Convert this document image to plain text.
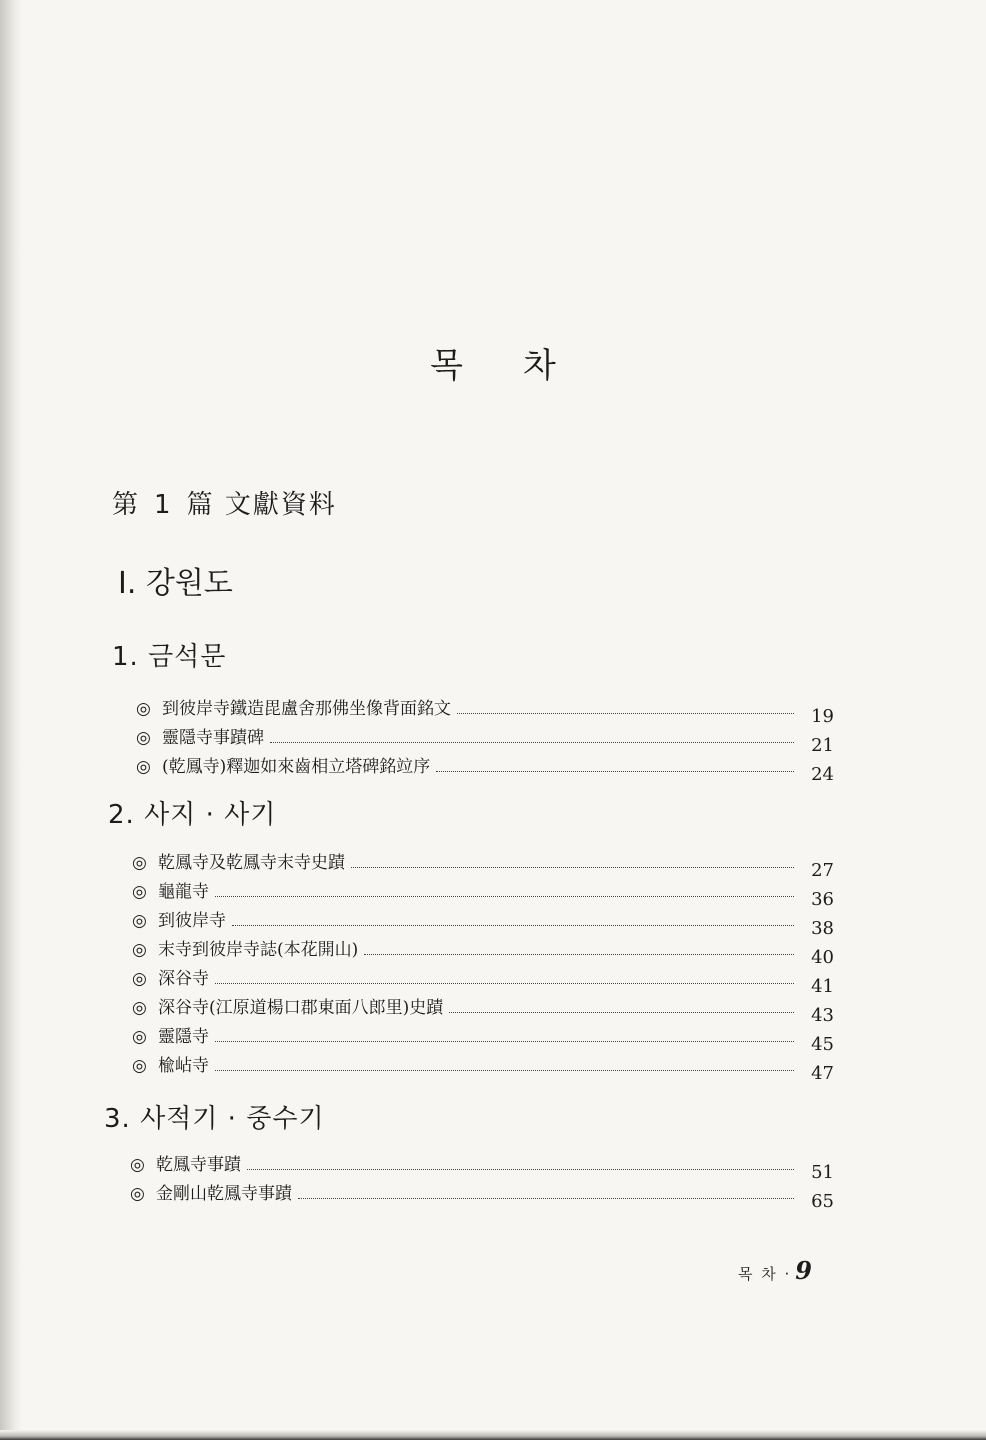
목 차
第 1 篇 文獻資料
Ⅰ. 강원도
1. 금석문
◎ 到彼岸寺鐵造毘盧舍那佛坐像背面銘文	19
◎ 靈隱寺事蹟碑	21
◎ (乾鳳寺)釋迦如來齒相立塔碑銘竝序	24
2. 사지 · 사기
◎ 乾鳳寺及乾鳳寺末寺史蹟	27
◎ 龜龍寺	36
◎ 到彼岸寺	38
◎ 末寺到彼岸寺誌(本花開山)	40
◎ 深谷寺	41
◎ 深谷寺(江原道楊口郡東面八郎里)史蹟	43
◎ 靈隱寺	45
◎ 楡岾寺	47
3. 사적기 · 중수기
◎ 乾鳳寺事蹟	51
◎ 金剛山乾鳳寺事蹟	65
목 차 · 9
